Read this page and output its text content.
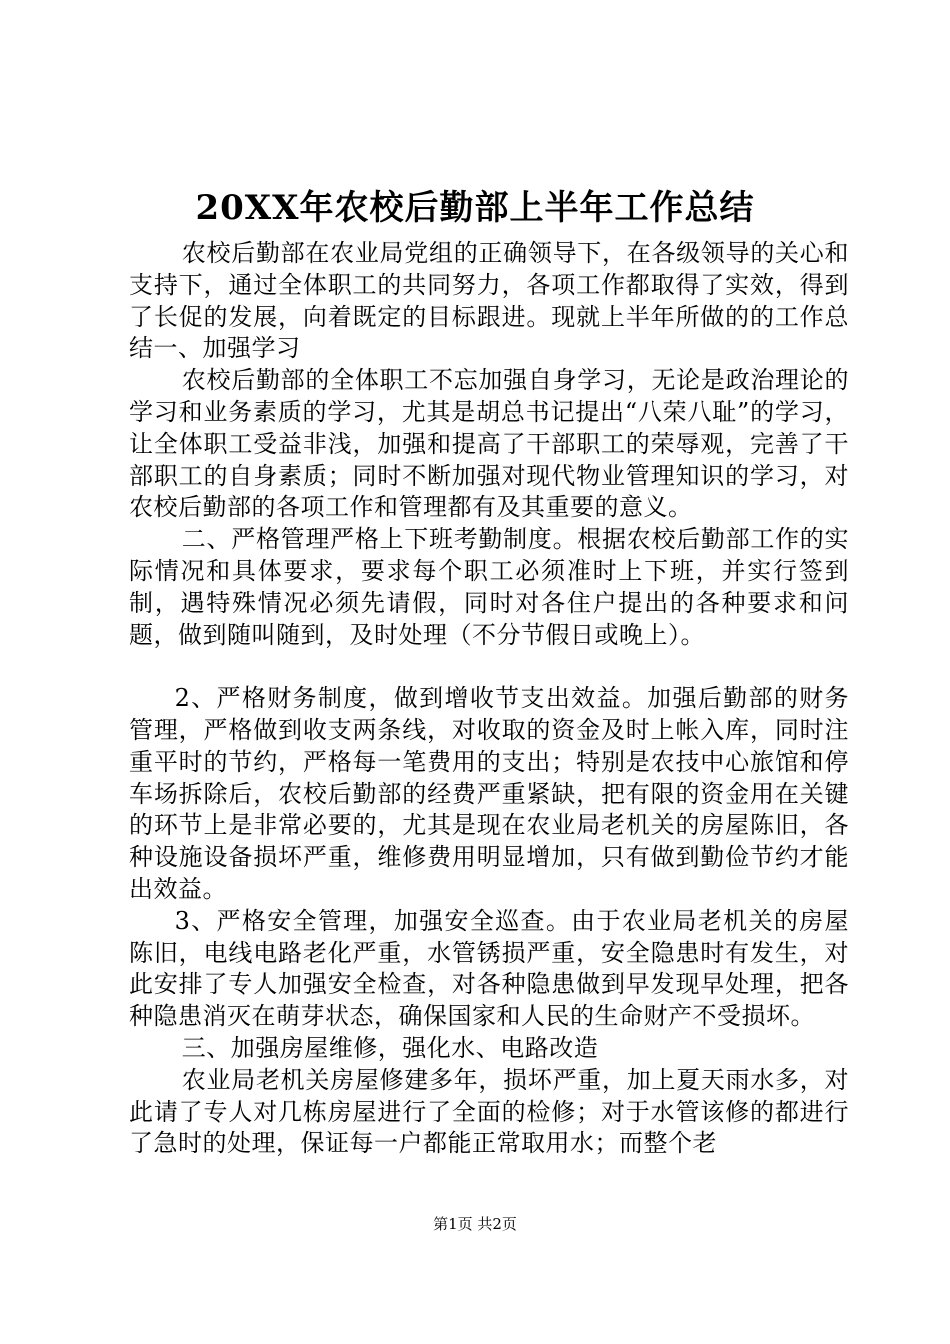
20XX年农校后勤部上半年工作总结

农校后勤部在农业局党组的正确领导下，在各级领导的关心和支持下，通过全体职工的共同努力，各项工作都取得了实效，得到了长促的发展，向着既定的目标跟进。现就上半年所做的的工作总结一、加强学习

农校后勤部的全体职工不忘加强自身学习，无论是政治理论的学习和业务素质的学习，尤其是胡总书记提出“八荣八耻”的学习，让全体职工受益非浅，加强和提高了干部职工的荣辱观，完善了干部职工的自身素质；同时不断加强对现代物业管理知识的学习，对农校后勤部的各项工作和管理都有及其重要的意义。

二、严格管理严格上下班考勤制度。根据农校后勤部工作的实际情况和具体要求，要求每个职工必须准时上下班，并实行签到制，遇特殊情况必须先请假，同时对各住户提出的各种要求和问题，做到随叫随到，及时处理（不分节假日或晚上）。

2、严格财务制度，做到增收节支出效益。加强后勤部的财务管理，严格做到收支两条线，对收取的资金及时上帐入库，同时注重平时的节约，严格每一笔费用的支出；特别是农技中心旅馆和停车场拆除后，农校后勤部的经费严重紧缺，把有限的资金用在关键的环节上是非常必要的，尤其是现在农业局老机关的房屋陈旧，各种设施设备损坏严重，维修费用明显增加，只有做到勤俭节约才能出效益。

3、严格安全管理，加强安全巡查。由于农业局老机关的房屋陈旧，电线电路老化严重，水管锈损严重，安全隐患时有发生，对此安排了专人加强安全检查，对各种隐患做到早发现早处理，把各种隐患消灭在萌芽状态，确保国家和人民的生命财产不受损坏。

三、加强房屋维修，强化水、电路改造

农业局老机关房屋修建多年，损坏严重，加上夏天雨水多，对此请了专人对几栋房屋进行了全面的检修；对于水管该修的都进行了急时的处理，保证每一户都能正常取用水；而整个老

第1页 共2页
